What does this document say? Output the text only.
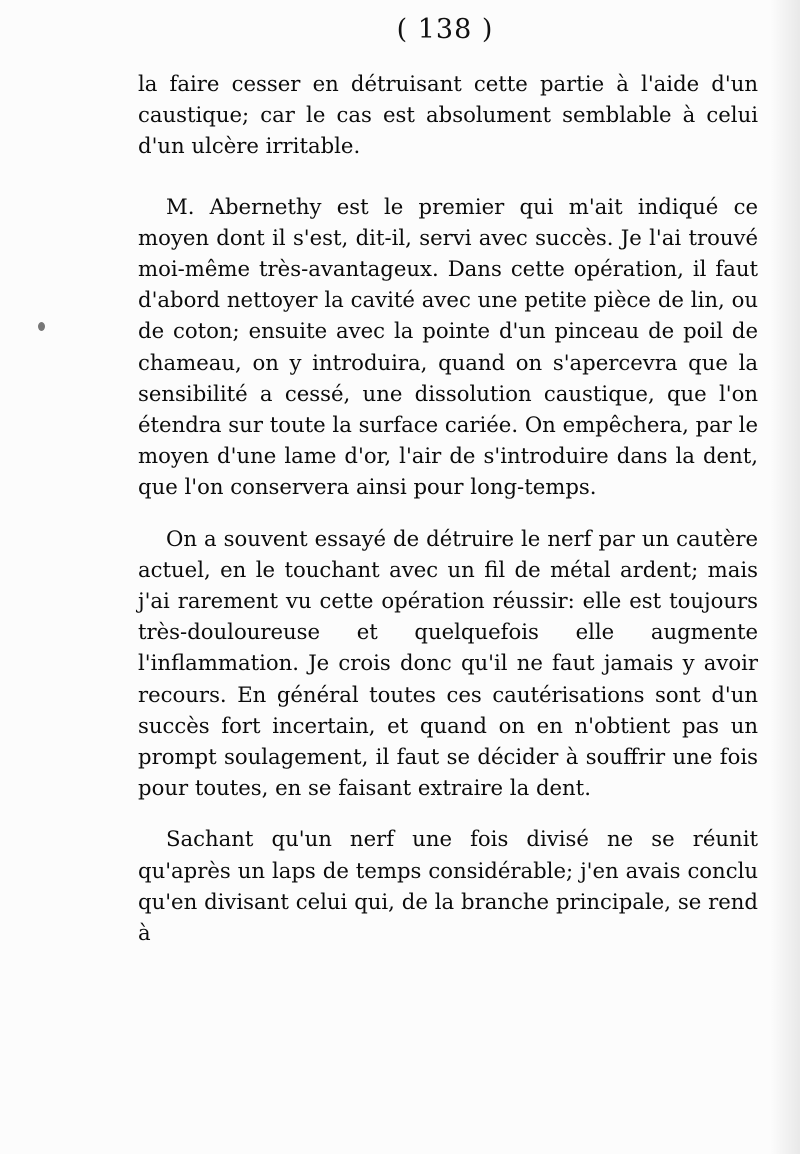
( 138 )

la faire cesser en détruisant cette partie à l'aide d'un caustique; car le cas est absolument semblable à celui d'un ulcère irritable.

M. Abernethy est le premier qui m'ait indiqué ce moyen dont il s'est, dit-il, servi avec succès. Je l'ai trouvé moi-même très-avantageux. Dans cette opération, il faut d'abord nettoyer la cavité avec une petite pièce de lin, ou de coton; ensuite avec la pointe d'un pinceau de poil de chameau, on y introduira, quand on s'apercevra que la sensibilité a cessé, une dissolution caustique, que l'on étendra sur toute la surface cariée. On empêchera, par le moyen d'une lame d'or, l'air de s'introduire dans la dent, que l'on conservera ainsi pour long-temps.

On a souvent essayé de détruire le nerf par un cautère actuel, en le touchant avec un fil de métal ardent; mais j'ai rarement vu cette opération réussir: elle est toujours très-douloureuse et quelquefois elle augmente l'inflammation. Je crois donc qu'il ne faut jamais y avoir recours. En général toutes ces cautérisations sont d'un succès fort incertain, et quand on en n'obtient pas un prompt soulagement, il faut se décider à souffrir une fois pour toutes, en se faisant extraire la dent.

Sachant qu'un nerf une fois divisé ne se réunit qu'après un laps de temps considérable; j'en avais conclu qu'en divisant celui qui, de la branche principale, se rend à
